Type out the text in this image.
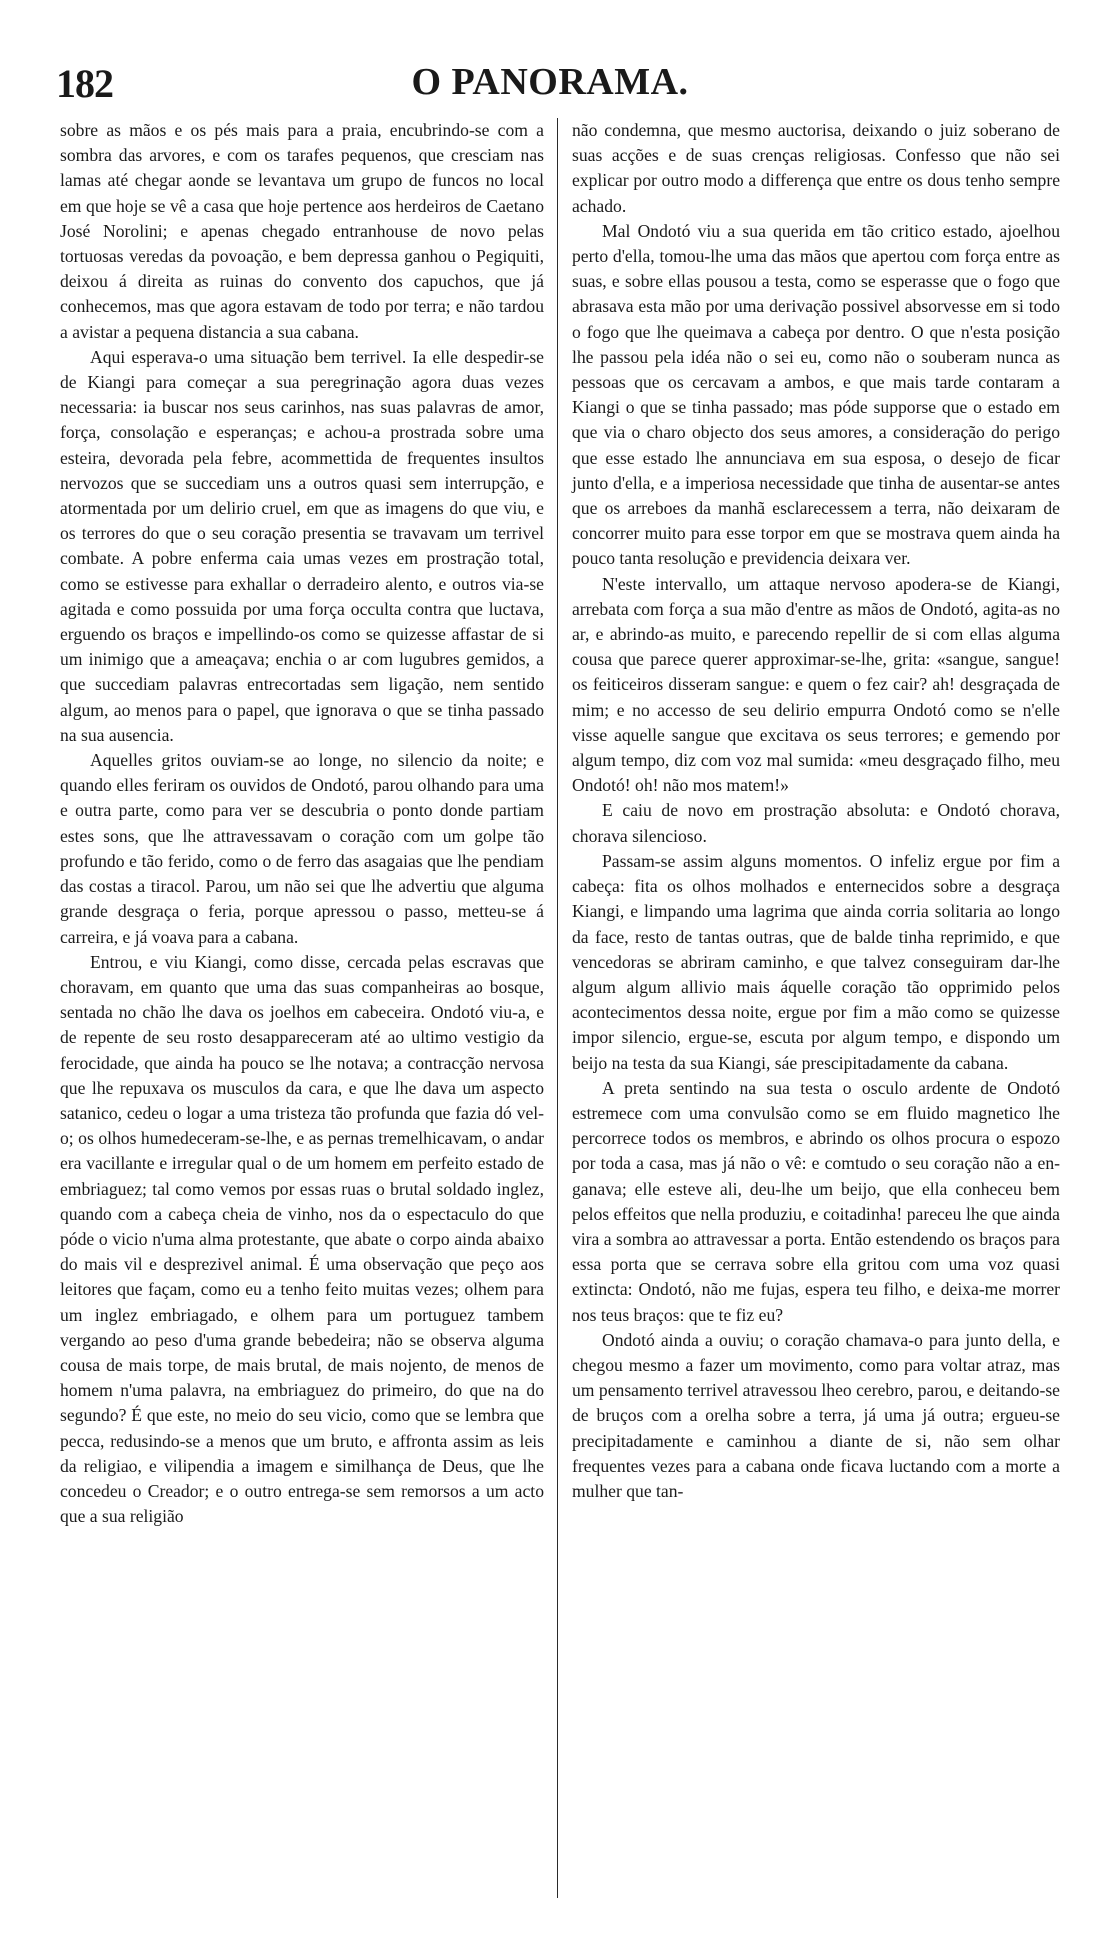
182	O PANORAMA.

sobre as mãos e os pés mais para a praia, encubrindo-se com a sombra das arvores, e com os tarafes pequenos, que cresciam nas lamas até chegar aonde se levantava um grupo de funcos no local em que hoje se vê a casa que hoje pertence aos herdeiros de Caetano José Norolini; e apenas chegado entranhouse de novo pelas tortuosas veredas da povoação, e bem depressa ganhou o Pegiquiti, deixou á direita as ruinas do convento dos capuchos, que já conhecemos, mas que agora estavam de todo por terra; e não tardou a avistar a pequena distancia a sua cabana.

Aqui esperava-o uma situação bem terrivel. Ia elle despedir-se de Kiangi para começar a sua peregrinação agora duas vezes necessaria: ia buscar nos seus carinhos, nas suas palavras de amor, força, consolação e esperanças; e achou-a prostrada sobre uma esteira, devorada pela febre, acommettida de frequentes insultos nervozos que se succediam uns a outros quasi sem interrupção, e atormentada por um delirio cruel, em que as imagens do que viu, e os terrores do que o seu coração presentia se travavam um terrivel combate. A pobre enferma caia umas vezes em prostração total, como se estivesse para exhallar o derradeiro alento, e outros via-se agitada e como possuida por uma força occulta contra que luctava, erguendo os braços e impellindo-os como se quizesse affastar de si um inimigo que a ameaçava; enchia o ar com lugubres gemidos, a que succediam palavras entrecortadas sem ligação, nem sentido algum, ao menos para o papel, que ignorava o que se tinha passado na sua ausencia.

Aquelles gritos ouviam-se ao longe, no silencio da noite; e quando elles feriram os ouvidos de Ondotó, parou olhando para uma e outra parte, como para ver se descubria o ponto donde partiam estes sons, que lhe attravessavam o coração com um golpe tão profundo e tão ferido, como o de ferro das asagaias que lhe pendiam das costas a tiracol. Parou, um não sei que lhe advertiu que alguma grande desgraça o feria, porque apressou o passo, metteu-se á carreira, e já voava para a cabana.

Entrou, e viu Kiangi, como disse, cercada pelas escravas que choravam, em quanto que uma das suas companheiras ao bosque, sentada no chão lhe dava os joelhos em cabeceira. Ondotó viu-a, e de repente de seu rosto desappareceram até ao ultimo vestigio da ferocidade, que ainda ha pouco se lhe notava; a contracção nervosa que lhe repuxava os musculos da cara, e que lhe dava um aspecto satanico, cedeu o logar a uma tristeza tão profunda que fazia dó vel-o; os olhos humedeceram-se-lhe, e as pernas tremelhicavam, o andar era vacillante e irregular qual o de um homem em perfeito estado de embriaguez; tal como vemos por essas ruas o brutal soldado inglez, quando com a cabeça cheia de vinho, nos da o espectaculo do que póde o vicio n'uma alma protestante, que abate o corpo ainda abaixo do mais vil e desprezivel animal. É uma observação que peço aos leitores que façam, como eu a tenho feito muitas vezes; olhem para um inglez embriagado, e olhem para um portuguez tambem vergando ao peso d'uma grande bebedeira; não se observa alguma cousa de mais torpe, de mais brutal, de mais nojento, de menos de homem n'uma palavra, na embriaguez do primeiro, do que na do segundo? É que este, no meio do seu vicio, como que se lembra que pecca, redusindo-se a menos que um bruto, e affronta assim as leis da religiao, e vilipendia a imagem e similhança de Deus, que lhe concedeu o Creador; e o outro entrega-se sem remorsos a um acto que a sua religião

não condemna, que mesmo auctorisa, deixando o juiz soberano de suas acções e de suas crenças religiosas. Confesso que não sei explicar por outro modo a differença que entre os dous tenho sempre achado.

Mal Ondotó viu a sua querida em tão critico estado, ajoelhou perto d'ella, tomou-lhe uma das mãos que apertou com força entre as suas, e sobre ellas pousou a testa, como se esperasse que o fogo que abrasava esta mão por uma derivação possivel absorvesse em si todo o fogo que lhe queimava a cabeça por dentro. O que n'esta posição lhe passou pela idéa não o sei eu, como não o souberam nunca as pessoas que os cercavam a ambos, e que mais tarde contaram a Kiangi o que se tinha passado; mas póde supporse que o estado em que via o charo objecto dos seus amores, a consideração do perigo que esse estado lhe annunciava em sua esposa, o desejo de ficar junto d'ella, e a imperiosa necessidade que tinha de ausentar-se antes que os arreboes da manhã esclarecessem a terra, não deixaram de concorrer muito para esse torpor em que se mostrava quem ainda ha pouco tanta resolução e previdencia deixara ver.

N'este intervallo, um attaque nervoso apodera-se de Kiangi, arrebata com força a sua mão d'entre as mãos de Ondotó, agita-as no ar, e abrindo-as muito, e parecendo repellir de si com ellas alguma cousa que parece querer approximar-se-lhe, grita: «sangue, sangue! os feiticeiros disseram sangue: e quem o fez cair? ah! desgraçada de mim; e no accesso de seu delirio empurra Ondotó como se n'elle visse aquelle sangue que excitava os seus terrores; e gemendo por algum tempo, diz com voz mal sumida: «meu desgraçado filho, meu Ondotó! oh! não mos matem!»

E caiu de novo em prostração absoluta: e Ondotó chorava, chorava silencioso.

Passam-se assim alguns momentos. O infeliz ergue por fim a cabeça: fita os olhos molhados e enternecidos sobre a desgraça Kiangi, e limpando uma lagrima que ainda corria solitaria ao longo da face, resto de tantas outras, que de balde tinha reprimido, e que vencedoras se abriram caminho, e que talvez conseguiram dar-lhe algum algum allivio mais áquelle coração tão opprimido pelos acontecimentos dessa noite, ergue por fim a mão como se quizesse impor silencio, ergue-se, escuta por algum tempo, e dispondo um beijo na testa da sua Kiangi, sáe prescipitadamente da cabana.

A preta sentindo na sua testa o osculo ardente de Ondotó estremece com uma convulsão como se em fluido magnetico lhe percorrece todos os membros, e abrindo os olhos procura o espozo por toda a casa, mas já não o vê: e comtudo o seu coração não a enganava; elle esteve ali, deu-lhe um beijo, que ella conheceu bem pelos effeitos que nella produziu, e coitadinha! pareceu lhe que ainda vira a sombra ao attravessar a porta. Então estendendo os braços para essa porta que se cerrava sobre ella gritou com uma voz quasi extincta: Ondotó, não me fujas, espera teu filho, e deixa-me morrer nos teus braços: que te fiz eu?

Ondotó ainda a ouviu; o coração chamava-o para junto della, e chegou mesmo a fazer um movimento, como para voltar atraz, mas um pensamento terrivel atravessou lheo cerebro, parou, e deitando-se de bruços com a orelha sobre a terra, já uma já outra; ergueu-se precipitadamente e caminhou a diante de si, não sem olhar frequentes vezes para a cabana onde ficava luctando com a morte a mulher que tan-
